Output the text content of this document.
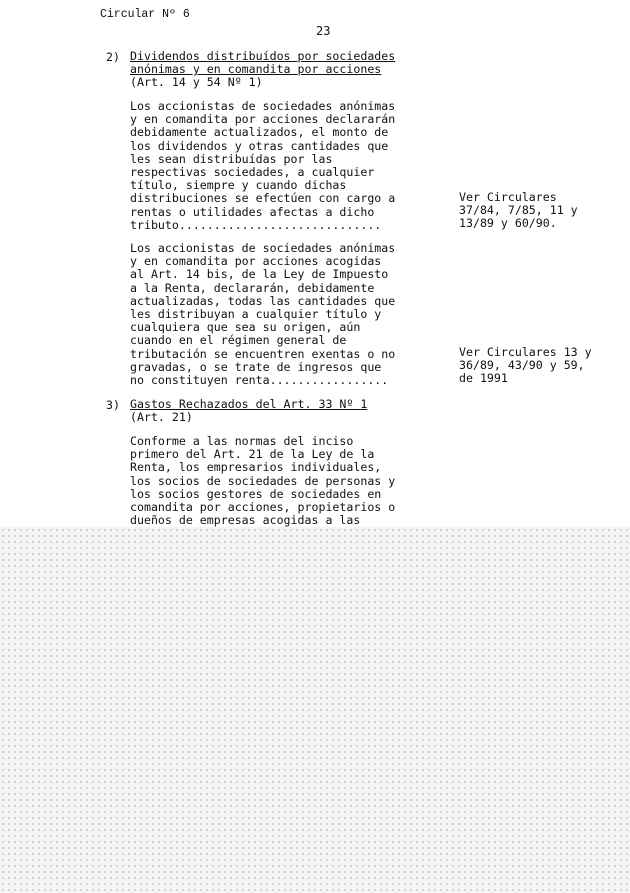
Circular Nº 6
23
2) Dividendos distribuídos por sociedades
anónimas y en comandita por acciones
(Art. 14 y 54 Nº 1)
Los accionistas de sociedades anónimas
y en comandita por acciones declararán
debidamente actualizados, el monto de
los dividendos y otras cantidades que
les sean distribuídas por las
respectivas sociedades, a cualquier
título, siempre y cuando dichas
distribuciones se efectúen con cargo a
rentas o utilidades afectas a dicho
tributo.............................
Ver Circulares
37/84, 7/85, 11 y
13/89 y 60/90.
Los accionistas de sociedades anónimas
y en comandita por acciones acogidas
al Art. 14 bis, de la Ley de Impuesto
a la Renta, declararán, debidamente
actualizadas, todas las cantidades que
les distribuyan a cualquier título y
cualquiera que sea su origen, aún
cuando en el régimen general de
tributación se encuentren exentas o no
gravadas, o se trate de ingresos que
no constituyen renta.................
Ver Circulares 13 y
36/89, 43/90 y 59,
de 1991
3) Gastos Rechazados del Art. 33 Nº 1
(Art. 21)
Conforme a las normas del inciso
primero del Art. 21 de la Ley de la
Renta, los empresarios individuales,
los socios de sociedades de personas y
los socios gestores de sociedades en
comandita por acciones, propietarios o
dueños de empresas acogidas a las
